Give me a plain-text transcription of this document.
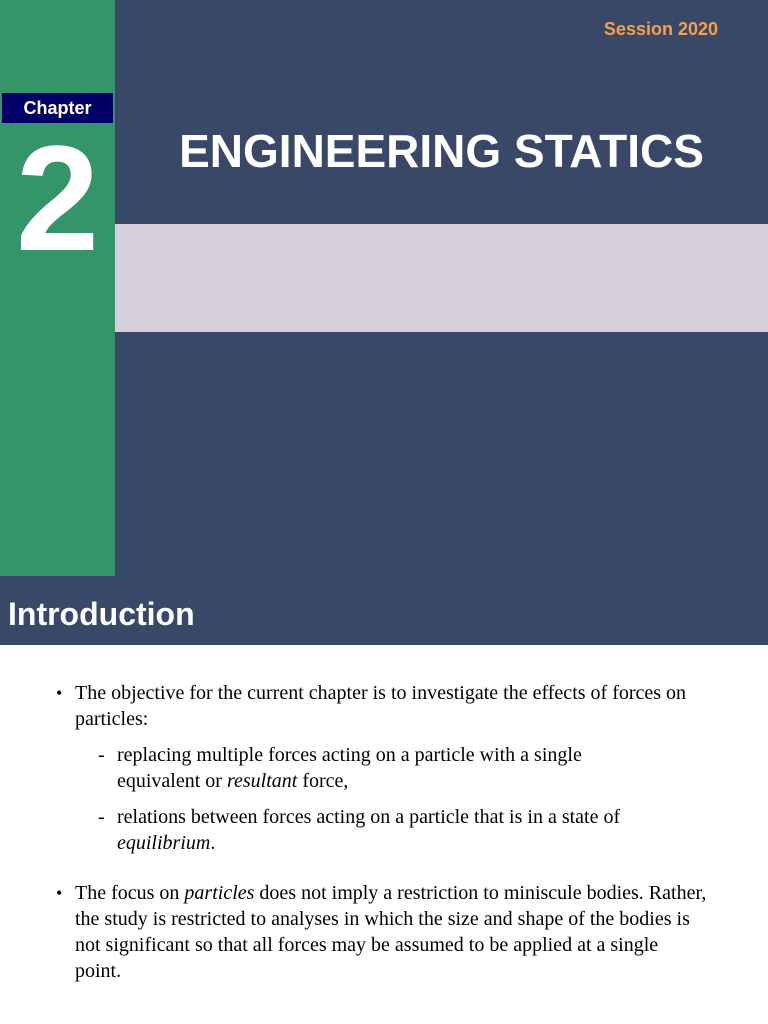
Chapter
2
Session 2020
ENGINEERING STATICS
Introduction
• The objective for the current chapter is to investigate the effects of forces on particles:
- replacing multiple forces acting on a particle with a single equivalent or resultant force,
- relations between forces acting on a particle that is in a state of equilibrium.
• The focus on particles does not imply a restriction to miniscule bodies. Rather, the study is restricted to analyses in which the size and shape of the bodies is not significant so that all forces may be assumed to be applied at a single point.
